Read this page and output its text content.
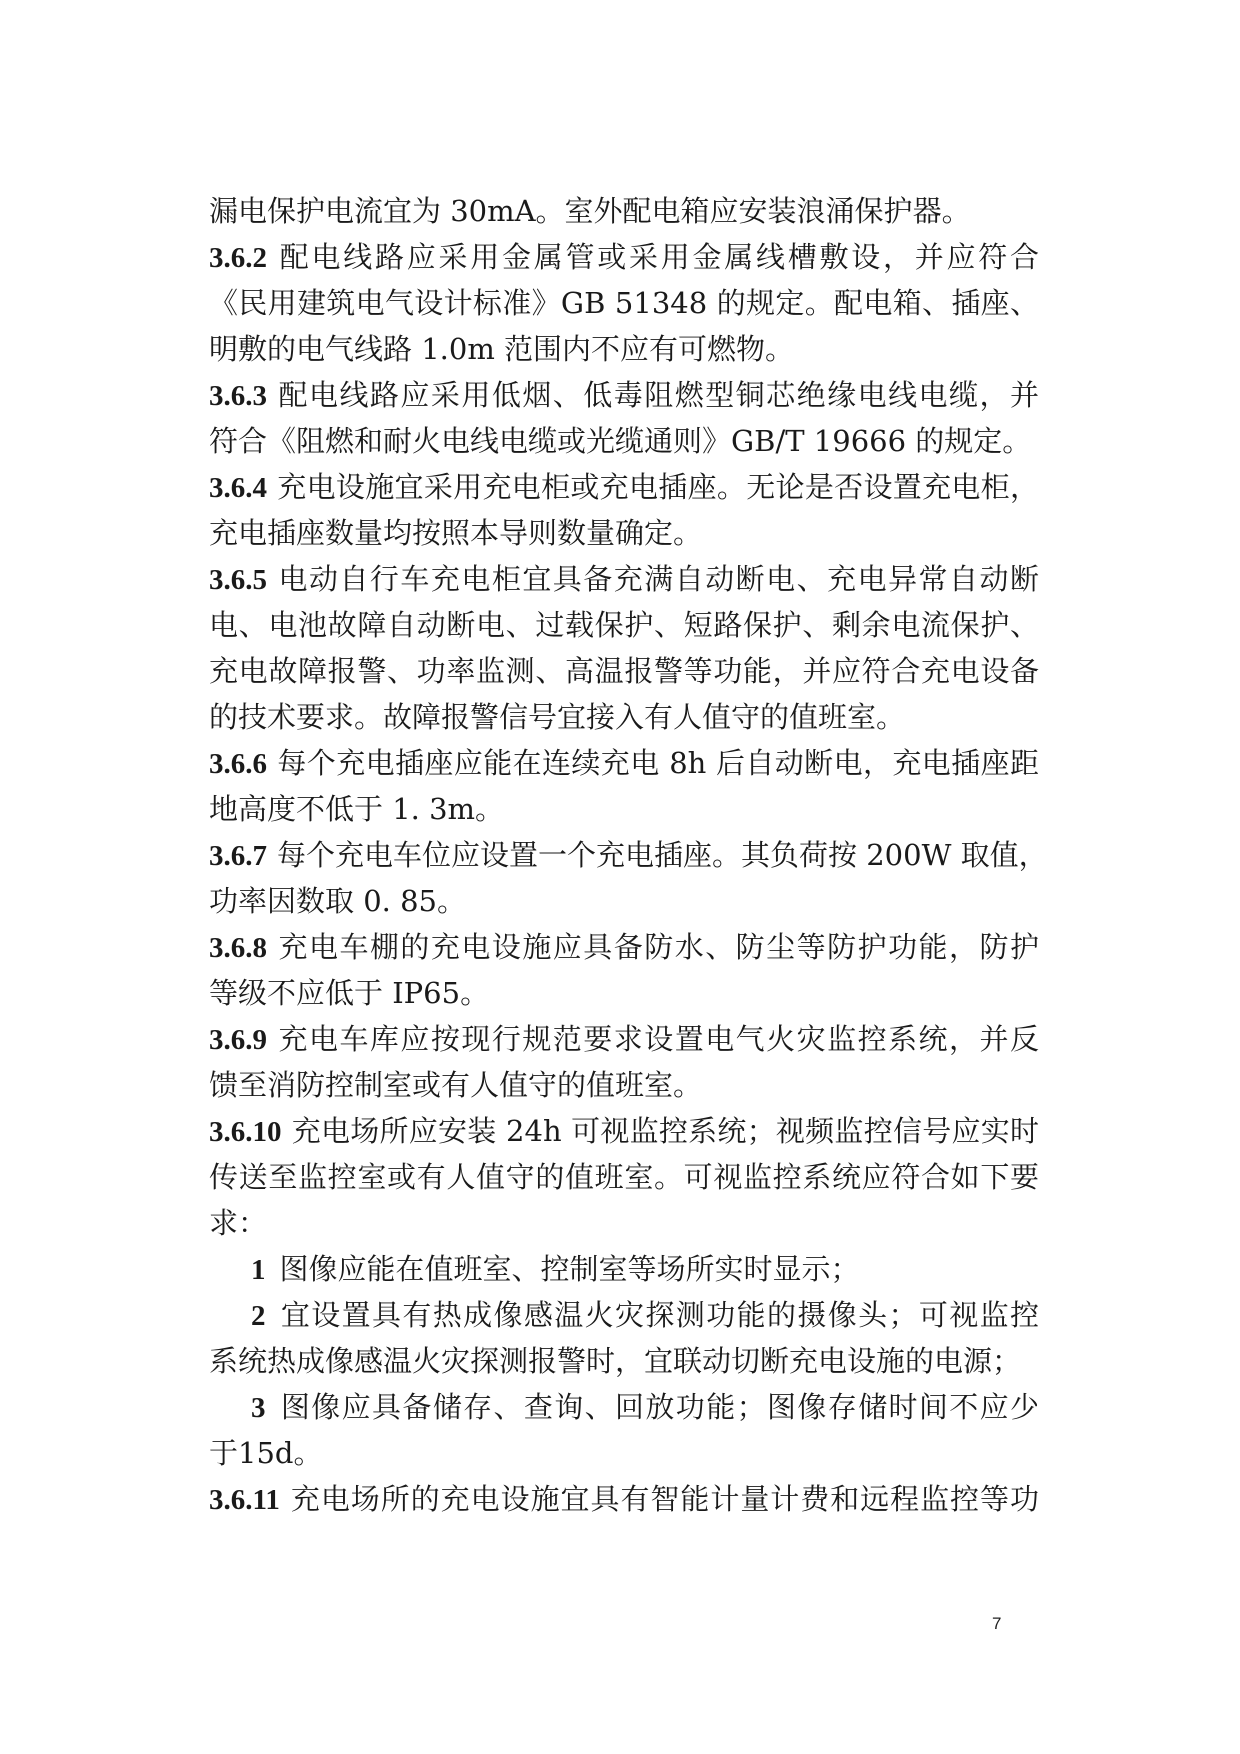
漏电保护电流宜为 30mA。室外配电箱应安装浪涌保护器。
3.6.2 配电线路应采用金属管或采用金属线槽敷设，并应符合
《民用建筑电气设计标准》GB 51348 的规定。配电箱、插座、
明敷的电气线路 1.0m 范围内不应有可燃物。
3.6.3 配电线路应采用低烟、低毒阻燃型铜芯绝缘电线电缆，并
符合《阻燃和耐火电线电缆或光缆通则》GB/T 19666 的规定。
3.6.4 充电设施宜采用充电柜或充电插座。无论是否设置充电柜，
充电插座数量均按照本导则数量确定。
3.6.5 电动自行车充电柜宜具备充满自动断电、充电异常自动断
电、电池故障自动断电、过载保护、短路保护、剩余电流保护、
充电故障报警、功率监测、高温报警等功能，并应符合充电设备
的技术要求。故障报警信号宜接入有人值守的值班室。
3.6.6 每个充电插座应能在连续充电 8h 后自动断电，充电插座距
地高度不低于 1. 3m。
3.6.7 每个充电车位应设置一个充电插座。其负荷按 200W 取值，
功率因数取 0. 85。
3.6.8 充电车棚的充电设施应具备防水、防尘等防护功能，防护
等级不应低于 IP65。
3.6.9 充电车库应按现行规范要求设置电气火灾监控系统，并反
馈至消防控制室或有人值守的值班室。
3.6.10 充电场所应安装 24h 可视监控系统；视频监控信号应实时
传送至监控室或有人值守的值班室。可视监控系统应符合如下要
求：
1 图像应能在值班室、控制室等场所实时显示；
2 宜设置具有热成像感温火灾探测功能的摄像头；可视监控
系统热成像感温火灾探测报警时，宜联动切断充电设施的电源；
3 图像应具备储存、查询、回放功能；图像存储时间不应少
于15d。
3.6.11 充电场所的充电设施宜具有智能计量计费和远程监控等功
7
